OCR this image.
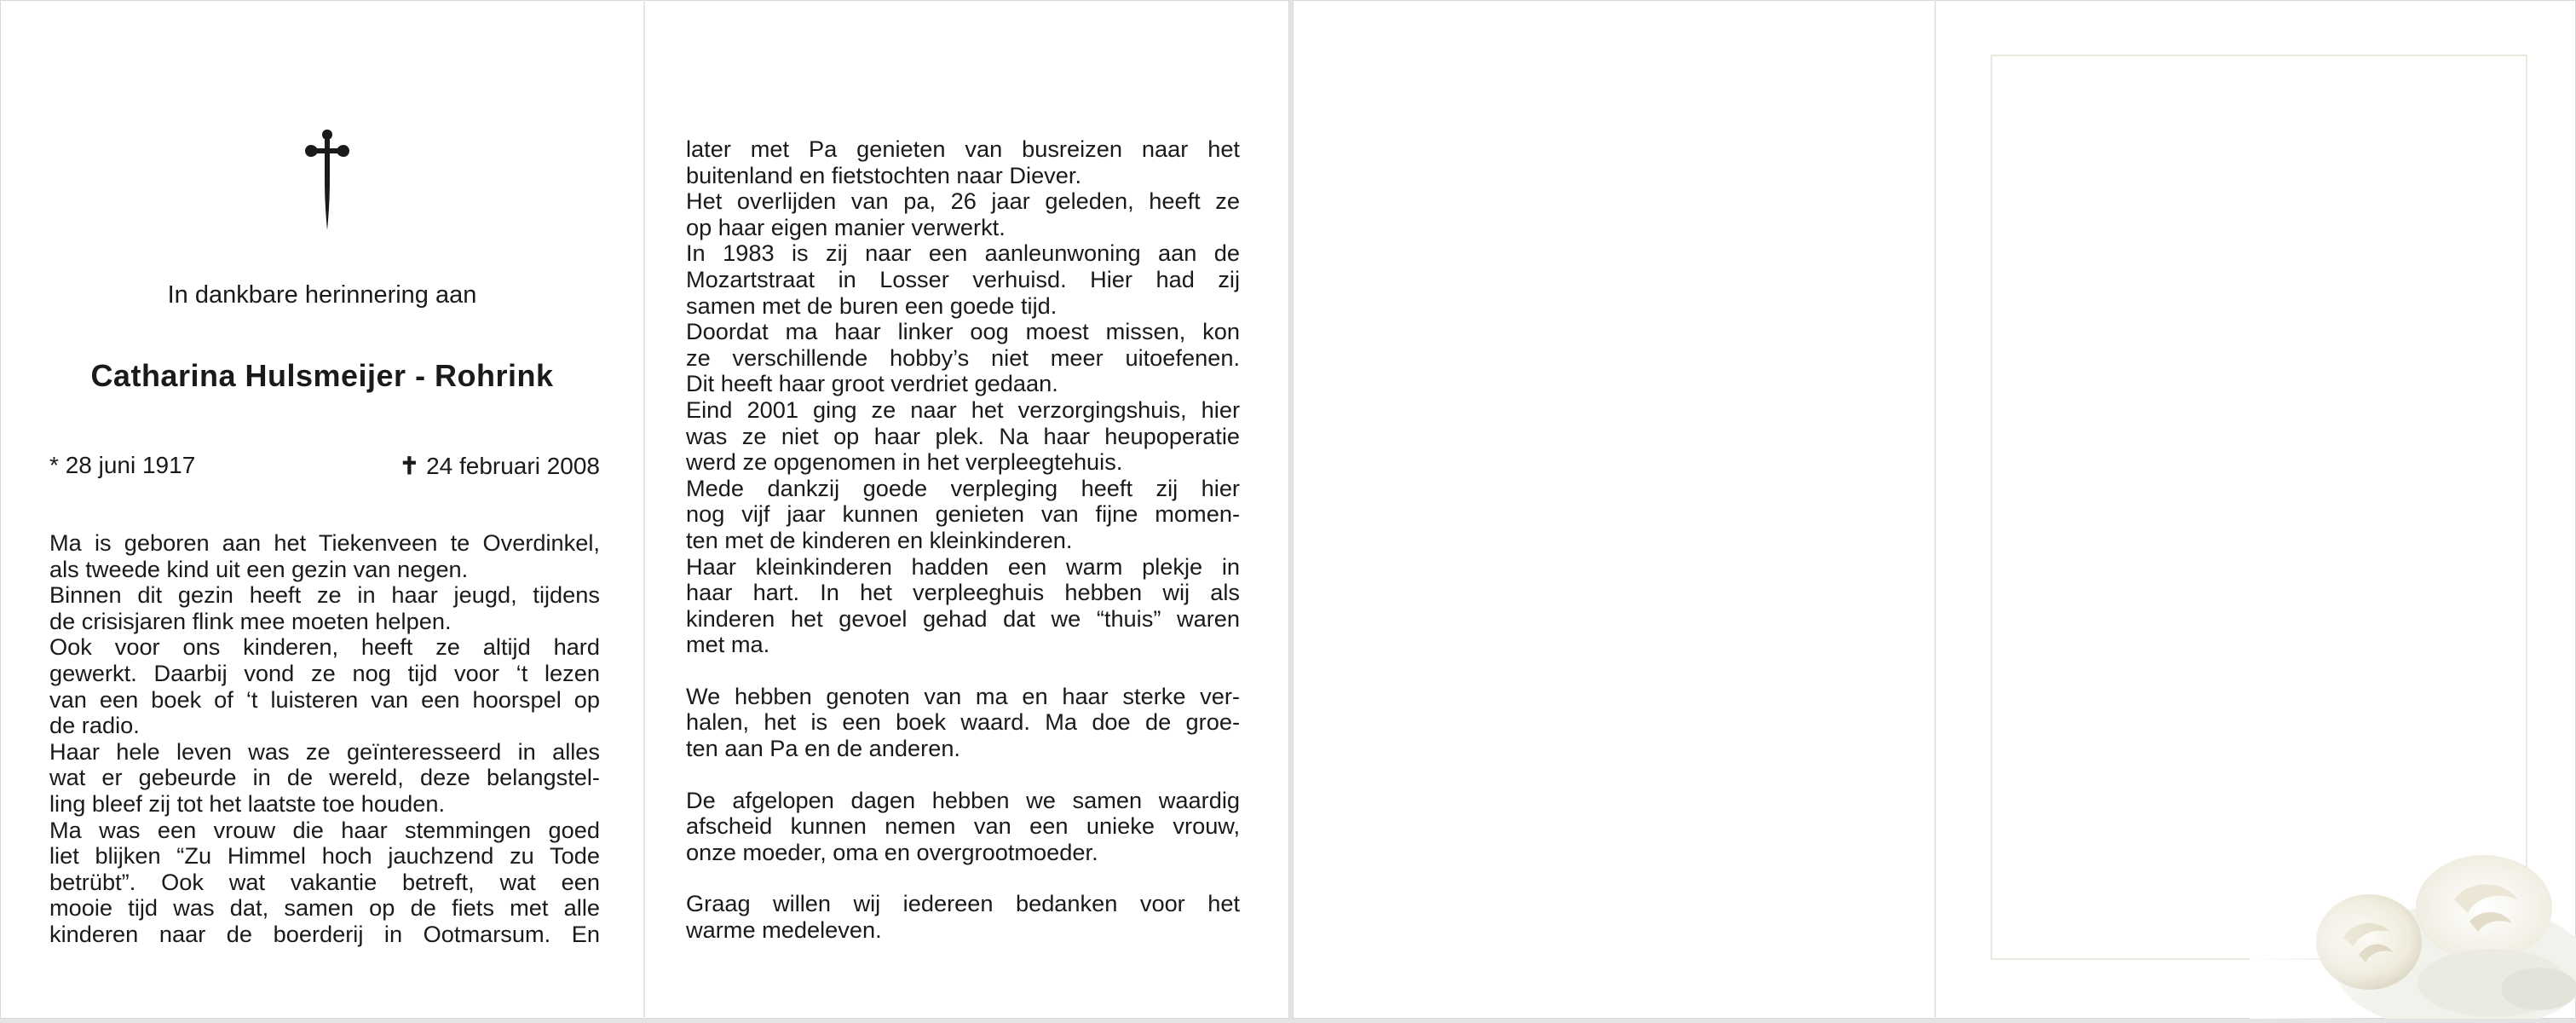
In dankbare herinnering aan
Catharina Hulsmeijer - Rohrink
* 28 juni 1917	✝ 24 februari 2008
Ma is geboren aan het Tiekenveen te Overdinkel,
als tweede kind uit een gezin van negen.
Binnen dit gezin heeft ze in haar jeugd, tijdens
de crisisjaren flink mee moeten helpen.
Ook voor ons kinderen, heeft ze altijd hard
gewerkt. Daarbij vond ze nog tijd voor ‘t lezen
van een boek of ‘t luisteren van een hoorspel op
de radio.
Haar hele leven was ze geïnteresseerd in alles
wat er gebeurde in de wereld, deze belangstel-
ling bleef zij tot het laatste toe houden.
Ma was een vrouw die haar stemmingen goed
liet blijken “Zu Himmel hoch jauchzend zu Tode
betrübt”. Ook wat vakantie betreft, wat een
mooie tijd was dat, samen op de fiets met alle
kinderen naar de boerderij in Ootmarsum. En
later met Pa genieten van busreizen naar het
buitenland en fietstochten naar Diever.
Het overlijden van pa, 26 jaar geleden, heeft ze
op haar eigen manier verwerkt.
In 1983 is zij naar een aanleunwoning aan de
Mozartstraat in Losser verhuisd. Hier had zij
samen met de buren een goede tijd.
Doordat ma haar linker oog moest missen, kon
ze verschillende hobby’s niet meer uitoefenen.
Dit heeft haar groot verdriet gedaan.
Eind 2001 ging ze naar het verzorgingshuis, hier
was ze niet op haar plek. Na haar heupoperatie
werd ze opgenomen in het verpleegtehuis.
Mede dankzij goede verpleging heeft zij hier
nog vijf jaar kunnen genieten van fijne momen-
ten met de kinderen en kleinkinderen.
Haar kleinkinderen hadden een warm plekje in
haar hart. In het verpleeghuis hebben wij als
kinderen het gevoel gehad dat we “thuis” waren
met ma.
We hebben genoten van ma en haar sterke ver-
halen, het is een boek waard. Ma doe de groe-
ten aan Pa en de anderen.
De afgelopen dagen hebben we samen waardig
afscheid kunnen nemen van een unieke vrouw,
onze moeder, oma en overgrootmoeder.
Graag willen wij iedereen bedanken voor het
warme medeleven.
